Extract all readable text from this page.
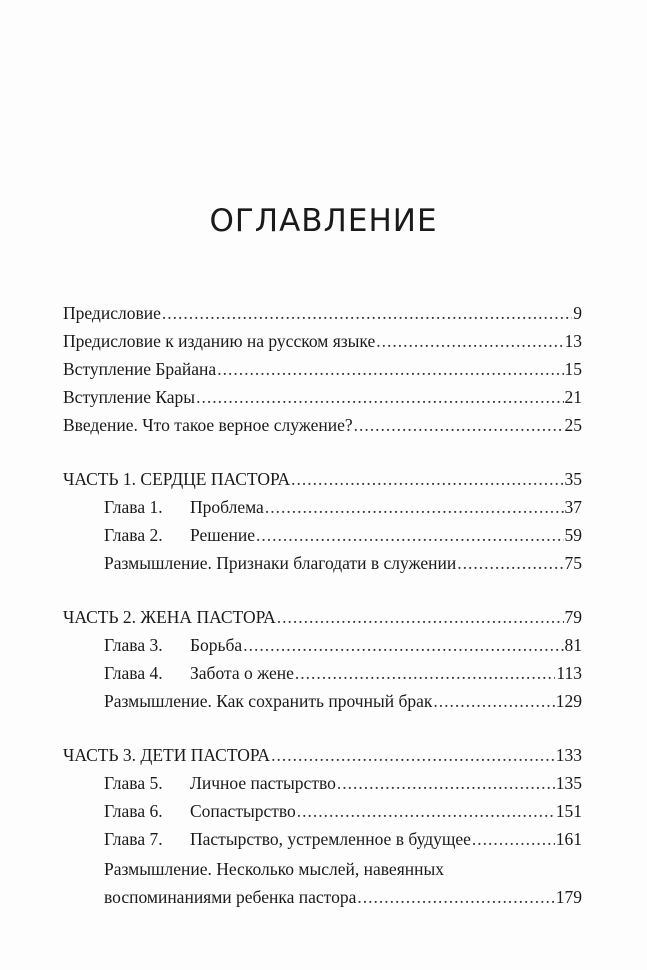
ОГЛАВЛЕНИЕ
Предисловие .....	9
Предисловие к изданию на русском языке .....	13
Вступление Брайана .....	15
Вступление Кары .....	21
Введение. Что такое верное служение? .....	25
ЧАСТЬ 1. СЕРДЦЕ ПАСТОРА .....	35
Глава 1.	Проблема .....	37
Глава 2.	Решение .....	59
Размышление. Признаки благодати в служении .....	75
ЧАСТЬ 2. ЖЕНА ПАСТОРА .....	79
Глава 3.	Борьба .....	81
Глава 4.	Забота о жене .....	113
Размышление. Как сохранить прочный брак .....	129
ЧАСТЬ 3. ДЕТИ ПАСТОРА .....	133
Глава 5.	Личное пастырство .....	135
Глава 6.	Сопастырство .....	151
Глава 7.	Пастырство, устремленное в будущее .....	161
Размышление. Несколько мыслей, навеянных
воспоминаниями ребенка пастора .....	179
